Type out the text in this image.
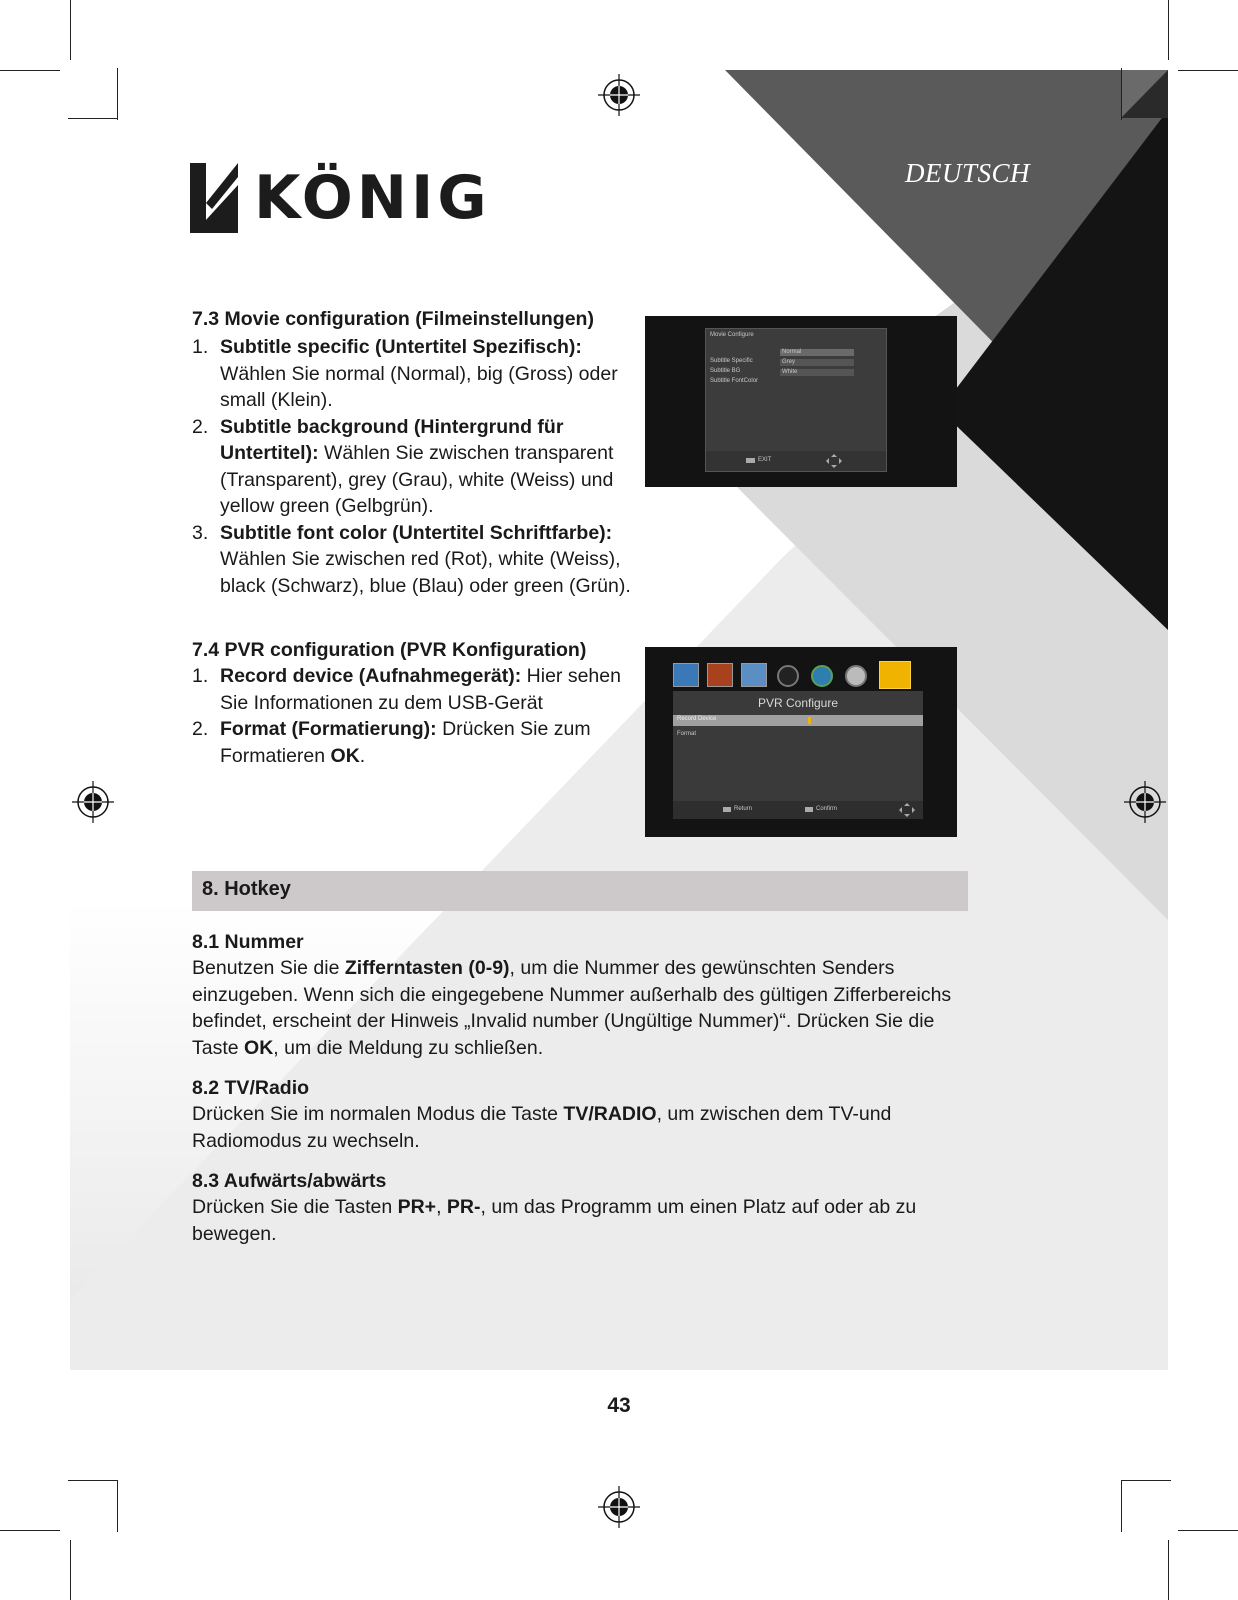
KÖNIG	DEUTSCH
7.3 Movie configuration (Filmeinstellungen)
1. Subtitle specific (Untertitel Spezifisch): Wählen Sie normal (Normal), big (Gross) oder small (Klein).
2. Subtitle background (Hintergrund für Untertitel): Wählen Sie zwischen transparent (Transparent), grey (Grau), white (Weiss) und yellow green (Gelbgrün).
3. Subtitle font color (Untertitel Schriftfarbe): Wählen Sie zwischen red (Rot), white (Weiss), black (Schwarz), blue (Blau) oder green (Grün).
Movie Configure
Subtitle Specific
Normal
Subtitle BG
Grey
Subtitle FontColor
White
EXIT
7.4 PVR configuration (PVR Konfiguration)
1. Record device (Aufnahmegerät): Hier sehen Sie Informationen zu dem USB-Gerät
2. Format (Formatierung): Drücken Sie zum Formatieren OK.
PVR Configure
Record Device
Format
Return	Confirm
8. Hotkey
8.1 Nummer
Benutzen Sie die Zifferntasten (0-9), um die Nummer des gewünschten Senders einzugeben. Wenn sich die eingegebene Nummer außerhalb des gültigen Zifferbereichs befindet, erscheint der Hinweis „Invalid number (Ungültige Nummer)“. Drücken Sie die Taste OK, um die Meldung zu schließen.
8.2 TV/Radio
Drücken Sie im normalen Modus die Taste TV/RADIO, um zwischen dem TV-und Radiomodus zu wechseln.
8.3 Aufwärts/abwärts
Drücken Sie die Tasten PR+, PR-, um das Programm um einen Platz auf oder ab zu bewegen.
43
